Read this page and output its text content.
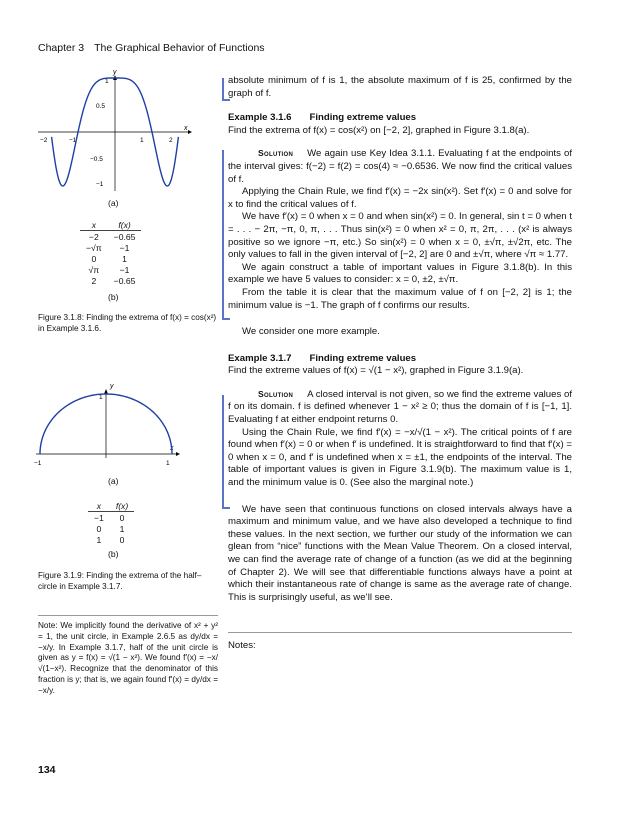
Chapter 3 The Graphical Behavior of Functions
y
x
−2	−1	1	2
0.5
−0.5
−1
1
(a)
x	f(x)
−2	−0.65
−√π	−1
0	1
√π	−1
2	−0.65
(b)
Figure 3.1.8: Finding the extrema of f(x) = cos(x²) in Example 3.1.6.
y
x
−1	1
1
(a)
x	f(x)
−1	0
0	1
1	0
(b)
Figure 3.1.9: Finding the extrema of the half–circle in Example 3.1.7.
Note: We implicitly found the derivative of x² + y² = 1, the unit circle, in Example 2.6.5 as dy/dx = −x/y. In Example 3.1.7, half of the unit circle is given as y = f(x) = √(1 − x²). We found f′(x) = −x/√(1−x²). Recognize that the denominator of this fraction is y; that is, we again found f′(x) = dy/dx = −x/y.

absolute minimum of f is 1, the absolute maximum of f is 25, confirmed by the graph of f.

Example 3.1.6 Finding extreme values

Find the extrema of f(x) = cos(x²) on [−2, 2], graphed in Figure 3.1.8(a).

Solution We again use Key Idea 3.1.1. Evaluating f at the endpoints of the interval gives: f(−2) = f(2) = cos(4) ≈ −0.6536. We now find the critical values of f.

Applying the Chain Rule, we find f′(x) = −2x sin(x²). Set f′(x) = 0 and solve for x to find the critical values of f.

We have f′(x) = 0 when x = 0 and when sin(x²) = 0. In general, sin t = 0 when t = . . . − 2π, −π, 0, π, . . . Thus sin(x²) = 0 when x² = 0, π, 2π, . . . (x² is always positive so we ignore −π, etc.) So sin(x²) = 0 when x = 0, ±√π, ±√2π, etc. The only values to fall in the given interval of [−2, 2] are 0 and ±√π, where √π ≈ 1.77.

We again construct a table of important values in Figure 3.1.8(b). In this example we have 5 values to consider: x = 0, ±2, ±√π.

From the table it is clear that the maximum value of f on [−2, 2] is 1; the minimum value is −1. The graph of f confirms our results.

We consider one more example.

Example 3.1.7 Finding extreme values

Find the extreme values of f(x) = √(1 − x²), graphed in Figure 3.1.9(a).

Solution A closed interval is not given, so we find the extreme values of f on its domain. f is defined whenever 1 − x² ≥ 0; thus the domain of f is [−1, 1]. Evaluating f at either endpoint returns 0.

Using the Chain Rule, we find f′(x) = −x/√(1 − x²). The critical points of f are found when f′(x) = 0 or when f′ is undefined. It is straightforward to find that f′(x) = 0 when x = 0, and f′ is undefined when x = ±1, the endpoints of the interval. The table of important values is given in Figure 3.1.9(b). The maximum value is 1, and the minimum value is 0. (See also the marginal note.)

We have seen that continuous functions on closed intervals always have a maximum and minimum value, and we have also developed a technique to find these values. In the next section, we further our study of the information we can glean from “nice” functions with the Mean Value Theorem. On a closed interval, we can find the average rate of change of a function (as we did at the beginning of Chapter 2). We will see that differentiable functions always have a point at which their instantaneous rate of change is same as the average rate of change. This is surprisingly useful, as we’ll see.

Notes:
134
